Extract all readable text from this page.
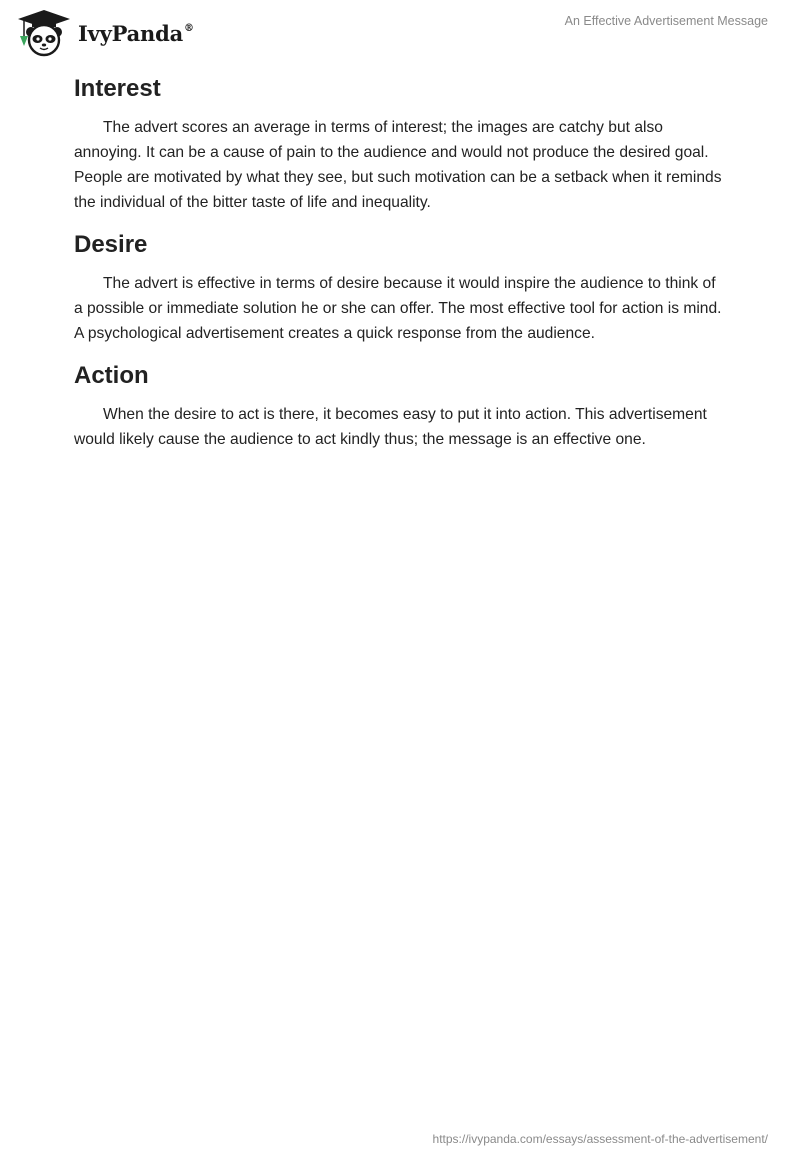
IvyPanda®	An Effective Advertisement Message
Interest

The advert scores an average in terms of interest; the images are catchy but also annoying. It can be a cause of pain to the audience and would not produce the desired goal. People are motivated by what they see, but such motivation can be a setback when it reminds the individual of the bitter taste of life and inequality.

Desire

The advert is effective in terms of desire because it would inspire the audience to think of a possible or immediate solution he or she can offer. The most effective tool for action is mind. A psychological advertisement creates a quick response from the audience.

Action

When the desire to act is there, it becomes easy to put it into action. This advertisement would likely cause the audience to act kindly thus; the message is an effective one.

https://ivypanda.com/essays/assessment-of-the-advertisement/
